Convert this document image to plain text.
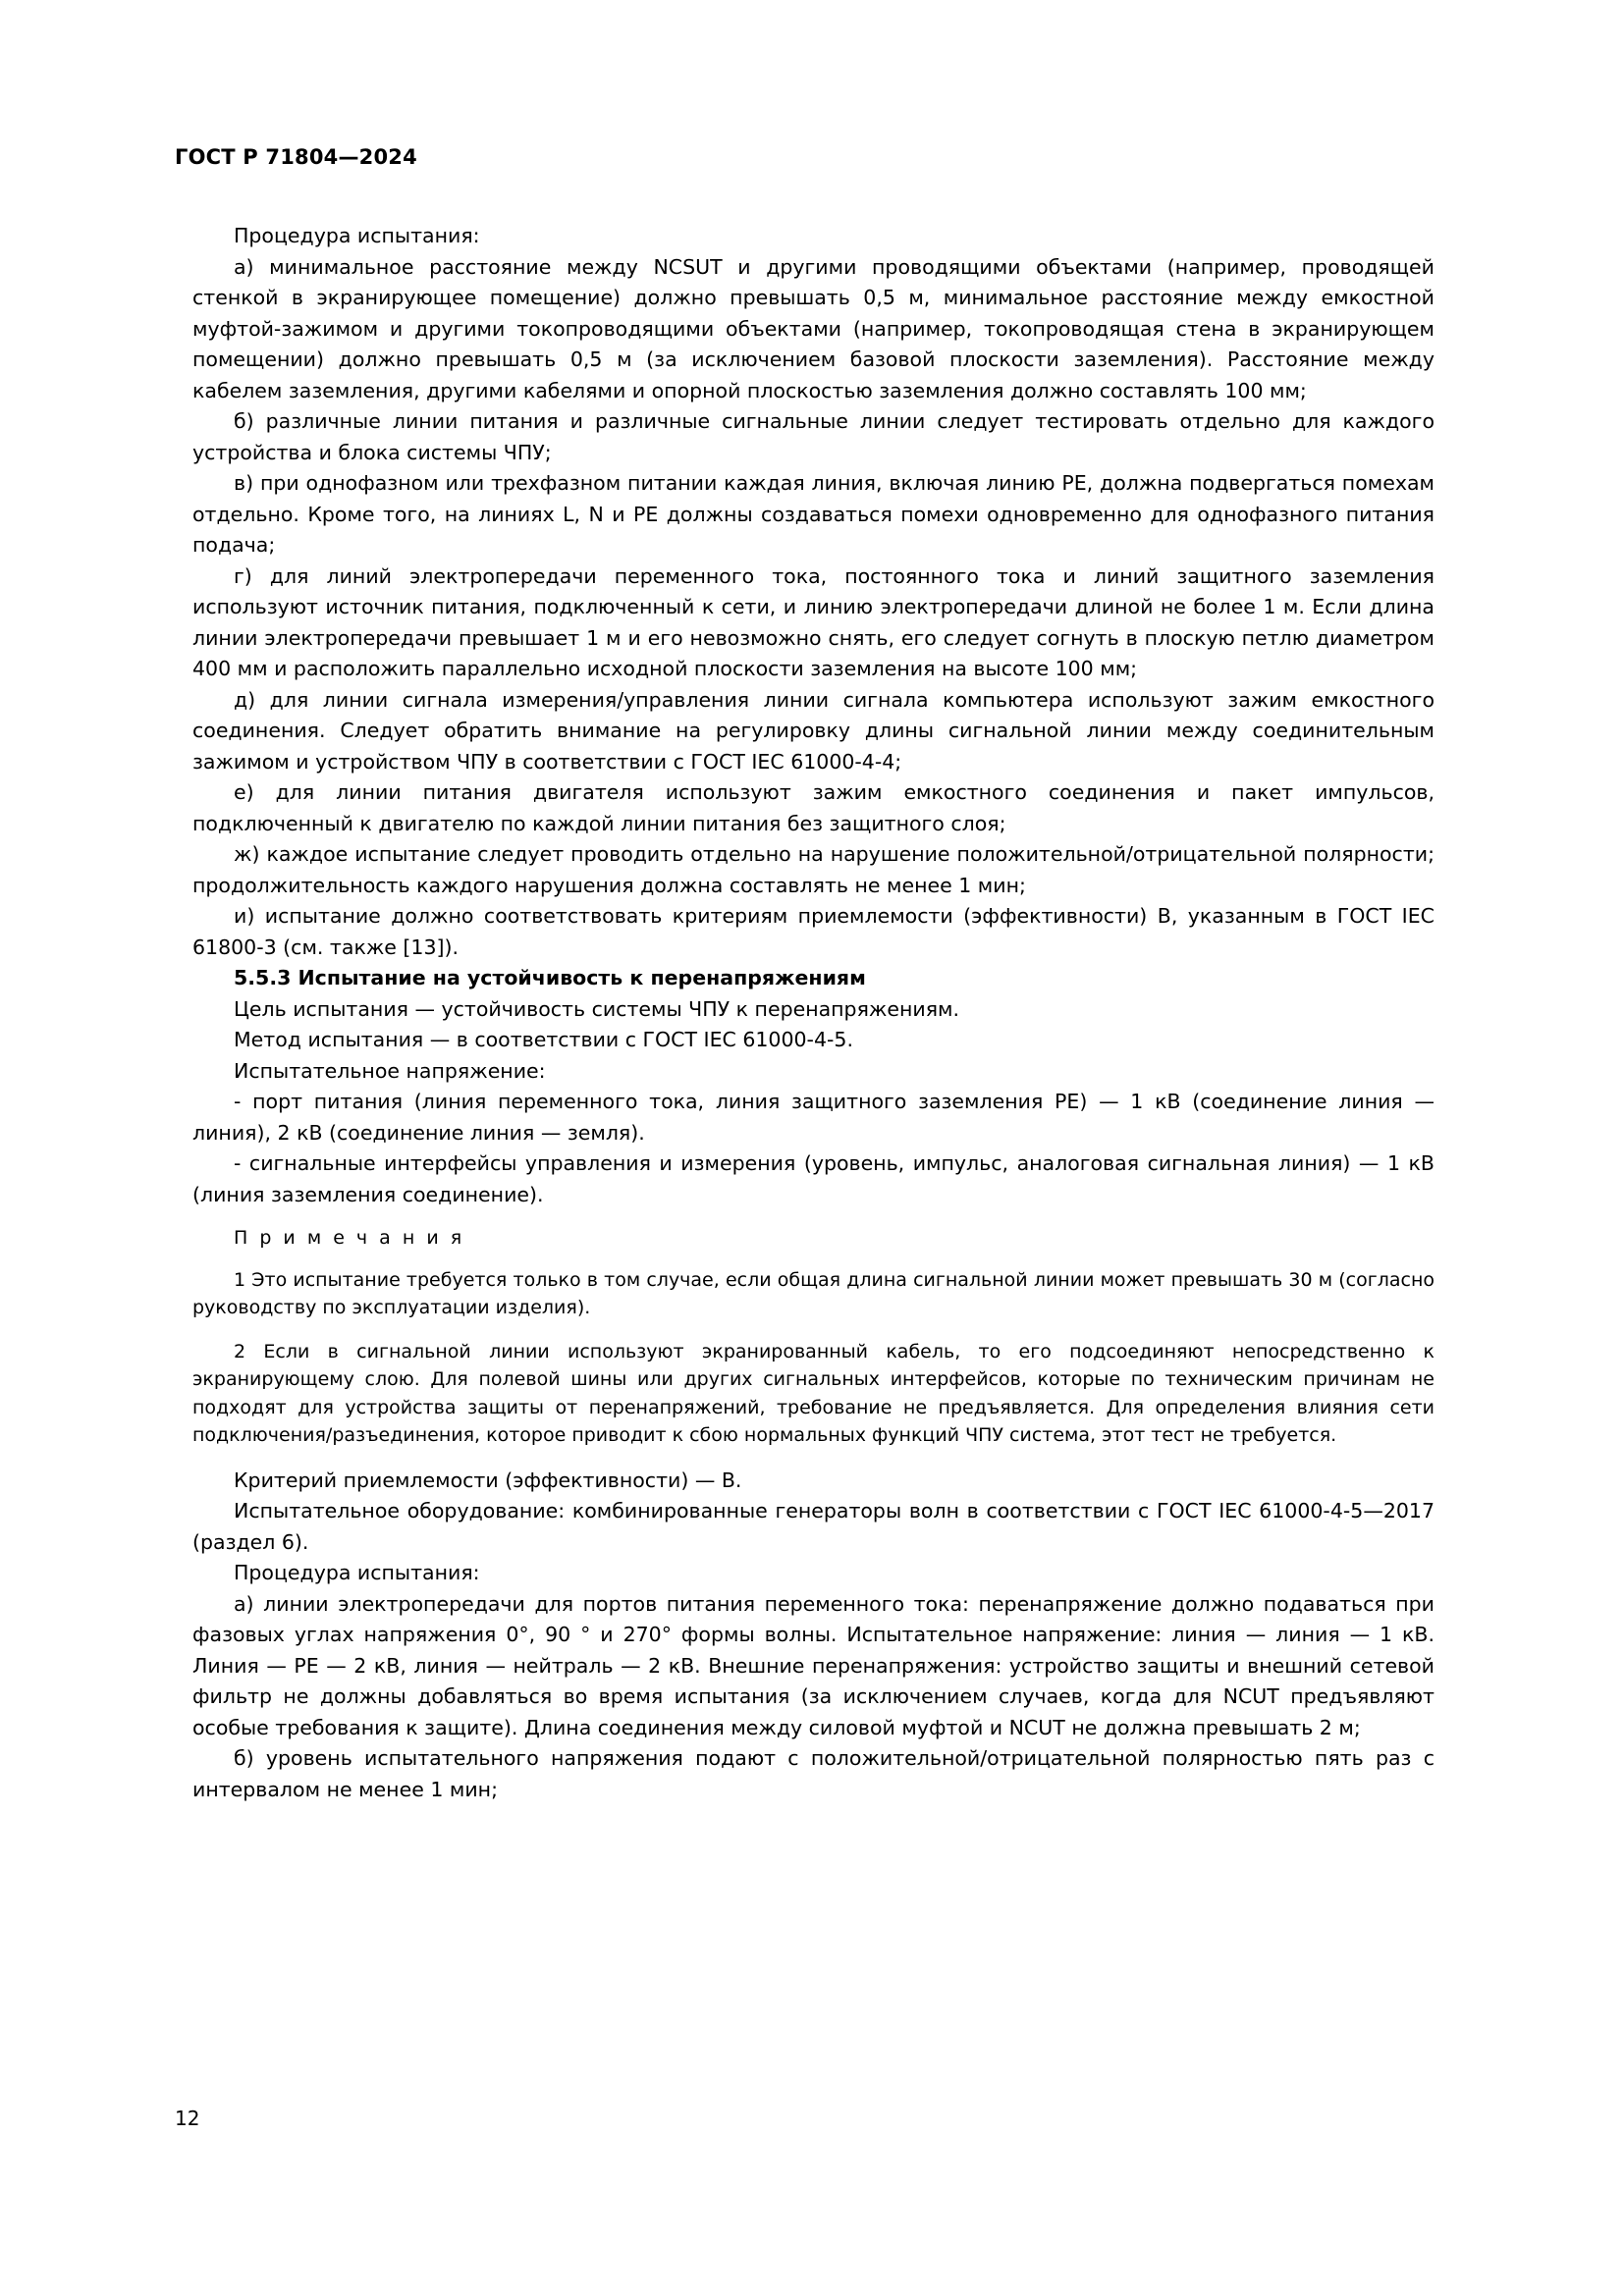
ГОСТ Р 71804—2024

Процедура испытания:

а) минимальное расстояние между NCSUT и другими проводящими объектами (например, проводящей стенкой в экранирующее помещение) должно превышать 0,5 м, минимальное расстояние между емкостной муфтой-зажимом и другими токопроводящими объектами (например, токопроводящая стена в экранирующем помещении) должно превышать 0,5 м (за исключением базовой плоскости заземления). Расстояние между кабелем заземления, другими кабелями и опорной плоскостью заземления должно составлять 100 мм;

б) различные линии питания и различные сигнальные линии следует тестировать отдельно для каждого устройства и блока системы ЧПУ;

в) при однофазном или трехфазном питании каждая линия, включая линию PE, должна подвергаться помехам отдельно. Кроме того, на линиях L, N и PE должны создаваться помехи одновременно для однофазного питания подача;

г) для линий электропередачи переменного тока, постоянного тока и линий защитного заземления используют источник питания, подключенный к сети, и линию электропередачи длиной не более 1 м. Если длина линии электропередачи превышает 1 м и его невозможно снять, его следует согнуть в плоскую петлю диаметром 400 мм и расположить параллельно исходной плоскости заземления на высоте 100 мм;

д) для линии сигнала измерения/управления линии сигнала компьютера используют зажим емкостного соединения. Следует обратить внимание на регулировку длины сигнальной линии между соединительным зажимом и устройством ЧПУ в соответствии с ГОСТ IEC 61000-4-4;

е) для линии питания двигателя используют зажим емкостного соединения и пакет импульсов, подключенный к двигателю по каждой линии питания без защитного слоя;

ж) каждое испытание следует проводить отдельно на нарушение положительной/отрицательной полярности; продолжительность каждого нарушения должна составлять не менее 1 мин;

и) испытание должно соответствовать критериям приемлемости (эффективности) В, указанным в ГОСТ IEC 61800-3 (см. также [13]).

5.5.3 Испытание на устойчивость к перенапряжениям

Цель испытания — устойчивость системы ЧПУ к перенапряжениям.

Метод испытания — в соответствии с ГОСТ IEC 61000-4-5.

Испытательное напряжение:

- порт питания (линия переменного тока, линия защитного заземления PE) — 1 кВ (соединение линия — линия), 2 кВ (соединение линия — земля).

- сигнальные интерфейсы управления и измерения (уровень, импульс, аналоговая сигнальная линия) — 1 кВ (линия заземления соединение).

П р и м е ч а н и я

1 Это испытание требуется только в том случае, если общая длина сигнальной линии может превышать 30 м (согласно руководству по эксплуатации изделия).

2 Если в сигнальной линии используют экранированный кабель, то его подсоединяют непосредственно к экранирующему слою. Для полевой шины или других сигнальных интерфейсов, которые по техническим причинам не подходят для устройства защиты от перенапряжений, требование не предъявляется. Для определения влияния сети подключения/разъединения, которое приводит к сбою нормальных функций ЧПУ система, этот тест не требуется.

Критерий приемлемости (эффективности) — В.

Испытательное оборудование: комбинированные генераторы волн в соответствии с ГОСТ IEC 61000-4-5—2017 (раздел 6).

Процедура испытания:

а) линии электропередачи для портов питания переменного тока: перенапряжение должно подаваться при фазовых углах напряжения 0°, 90 ° и 270° формы волны. Испытательное напряжение: линия — линия — 1 кВ. Линия — PE — 2 кВ, линия — нейтраль — 2 кВ. Внешние перенапряжения: устройство защиты и внешний сетевой фильтр не должны добавляться во время испытания (за исключением случаев, когда для NCUT предъявляют особые требования к защите). Длина соединения между силовой муфтой и NCUT не должна превышать 2 м;

б) уровень испытательного напряжения подают с положительной/отрицательной полярностью пять раз с интервалом не менее 1 мин;

12
